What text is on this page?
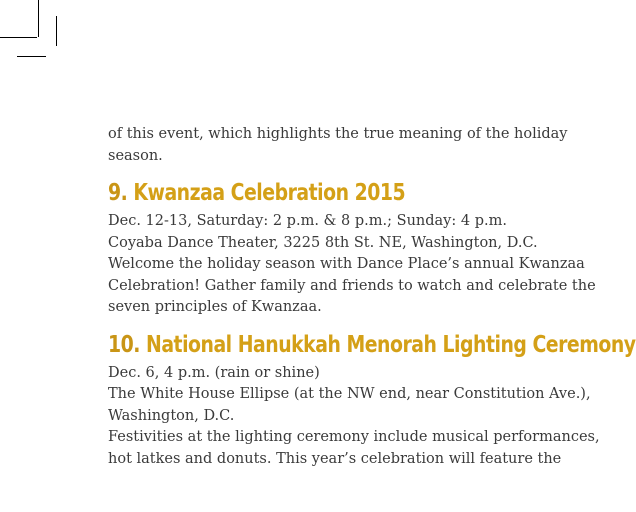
of this event, which highlights the true meaning of the holiday

season.

9. Kwanzaa Celebration 2015

Dec. 12-13, Saturday: 2 p.m. & 8 p.m.; Sunday: 4 p.m.

Coyaba Dance Theater, 3225 8th St. NE, Washington, D.C.

Welcome the holiday season with Dance Place’s annual Kwanzaa

Celebration! Gather family and friends to watch and celebrate the

seven principles of Kwanzaa.

10. National Hanukkah Menorah Lighting Ceremony

Dec. 6, 4 p.m. (rain or shine)

The White House Ellipse (at the NW end, near Constitution Ave.),

Washington, D.C.

Festivities at the lighting ceremony include musical performances,

hot latkes and donuts. This year’s celebration will feature the
